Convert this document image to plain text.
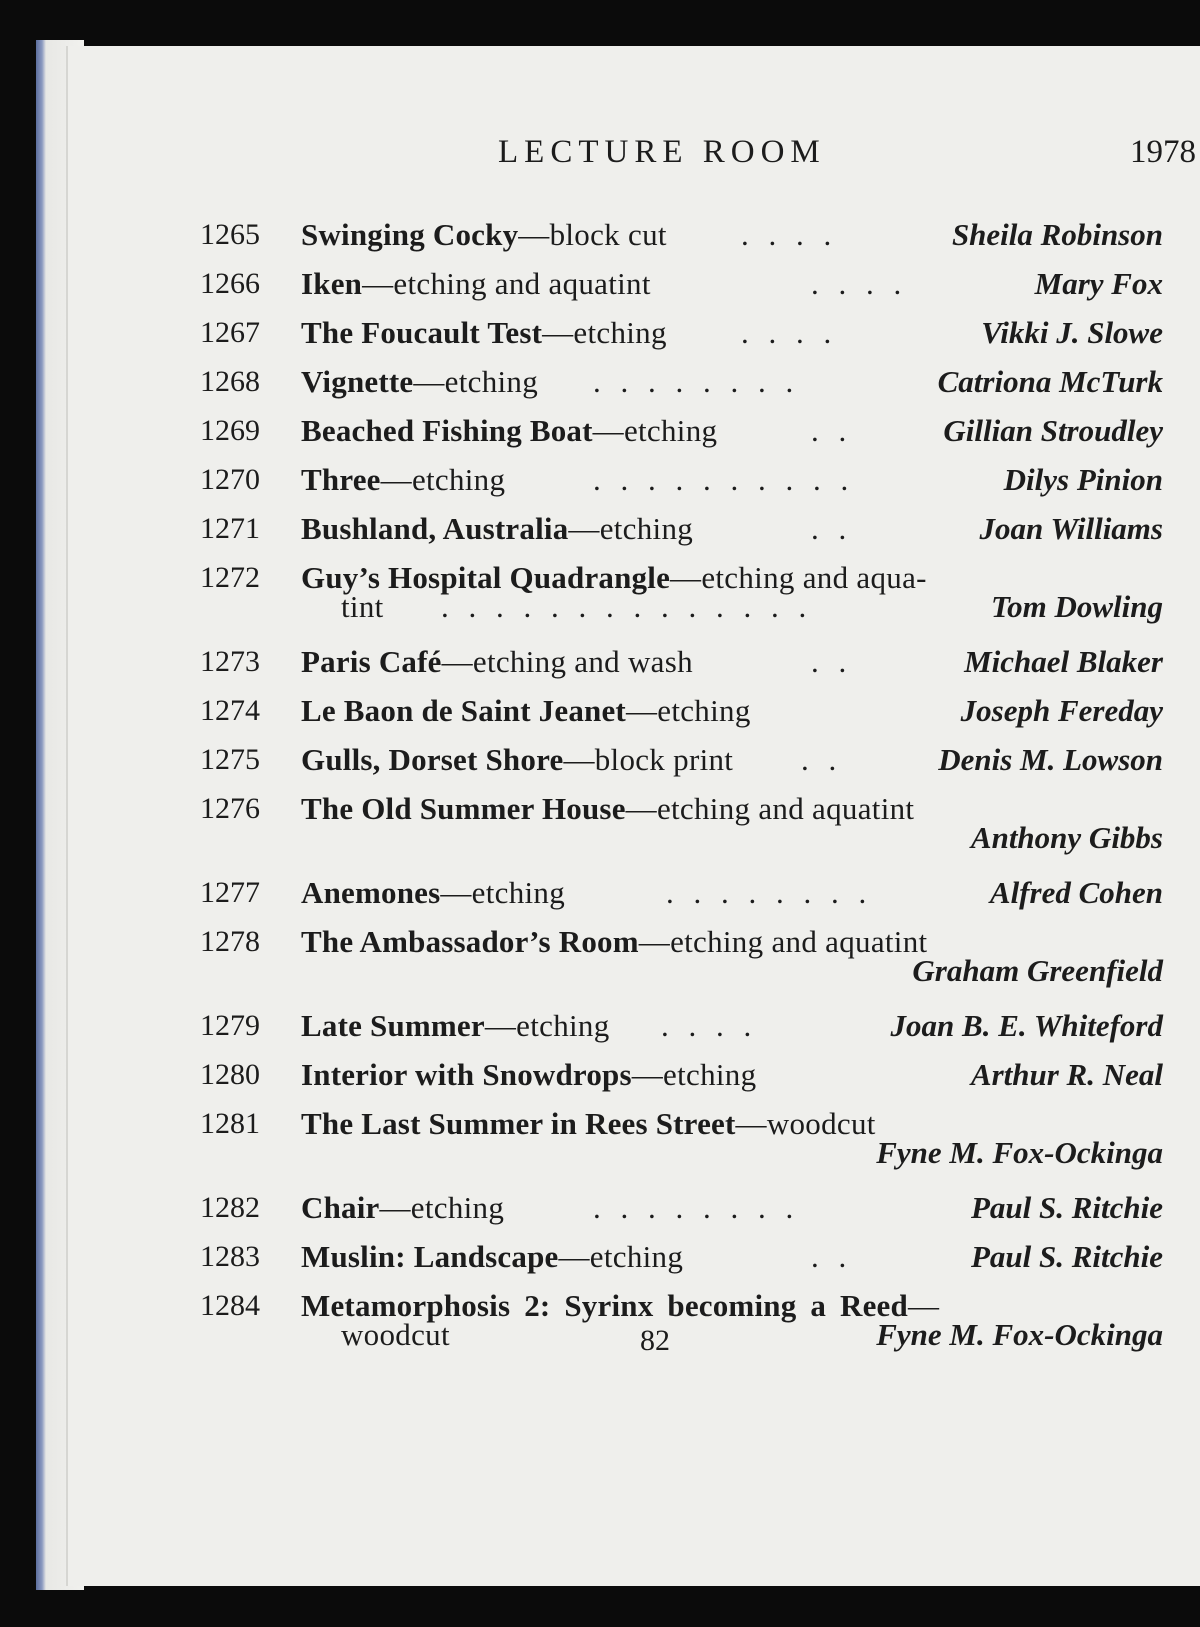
LECTURE ROOM	1978
1265	Swinging Cocky—block cut . . . .	Sheila Robinson
1266	Iken—etching and aquatint	. . . .	Mary Fox
1267	The Foucault Test—etching . . . .	Vikki J. Slowe
1268	Vignette—etching . . . . . . . .	Catriona McTurk
1269	Beached Fishing Boat—etching	. .	Gillian Stroudley
1270	Three—etching	. . . . . . . . . .	Dilys Pinion
1271	Bushland, Australia—etching	. .	Joan Williams
1272	Guy’s Hospital Quadrangle—etching and aqua-
tint . . . . . . . . . . . . . .	Tom Dowling
1273	Paris Café—etching and wash	. .	Michael Blaker
1274	Le Baon de Saint Jeanet—etching	Joseph Fereday
1275	Gulls, Dorset Shore—block print . .	Denis M. Lowson
1276	The Old Summer House—etching and aquatint
Anthony Gibbs
1277	Anemones—etching	. . . . . . . .	Alfred Cohen
1278	The Ambassador’s Room—etching and aquatint
Graham Greenfield
1279	Late Summer—etching . . . .	Joan B. E. Whiteford
1280	Interior with Snowdrops—etching	Arthur R. Neal
1281	The Last Summer in Rees Street—woodcut
Fyne M. Fox-Ockinga
1282	Chair—etching	. . . . . . . .	Paul S. Ritchie
1283	Muslin: Landscape—etching	. .	Paul S. Ritchie
1284	Metamorphosis 2: Syrinx becoming a Reed—
woodcut	Fyne M. Fox-Ockinga
82
